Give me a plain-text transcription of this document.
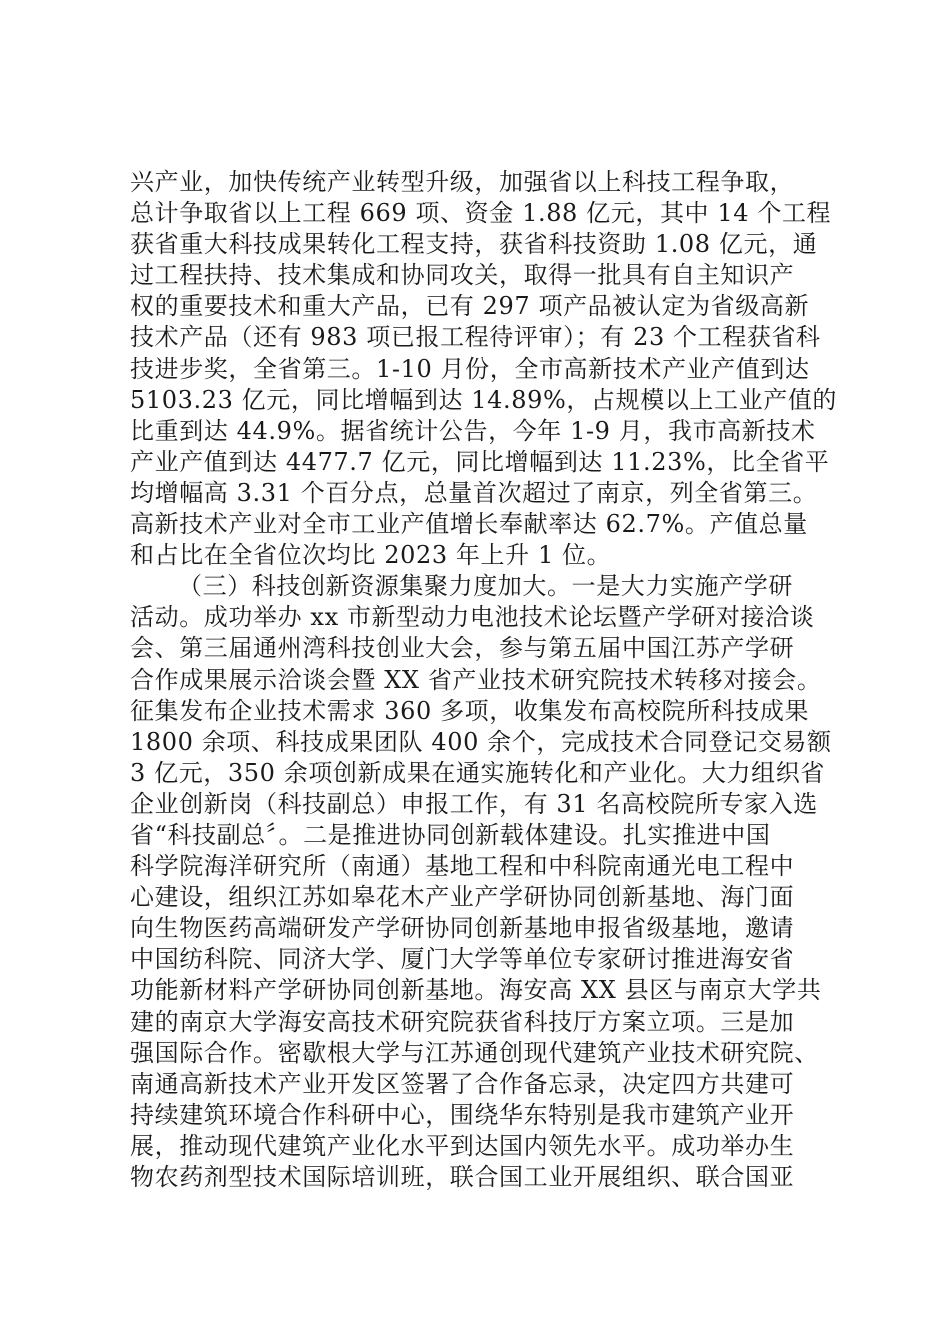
兴产业，加快传统产业转型升级，加强省以上科技工程争取，
总计争取省以上工程 669 项、资金 1.88 亿元，其中 14 个工程
获省重大科技成果转化工程支持，获省科技资助 1.08 亿元，通
过工程扶持、技术集成和协同攻关，取得一批具有自主知识产
权的重要技术和重大产品，已有 297 项产品被认定为省级高新
技术产品（还有 983 项已报工程待评审）；有 23 个工程获省科
技进步奖，全省第三。1-10 月份，全市高新技术产业产值到达
5103.23 亿元，同比增幅到达 14.89%，占规模以上工业产值的
比重到达 44.9%。据省统计公告，今年 1-9 月，我市高新技术
产业产值到达 4477.7 亿元，同比增幅到达 11.23%，比全省平
均增幅高 3.31 个百分点，总量首次超过了南京，列全省第三。
高新技术产业对全市工业产值增长奉献率达 62.7%。产值总量
和占比在全省位次均比 2023 年上升 1 位。
（三）科技创新资源集聚力度加大。一是大力实施产学研
活动。成功举办 xx 市新型动力电池技术论坛暨产学研对接洽谈
会、第三届通州湾科技创业大会，参与第五届中国江苏产学研
合作成果展示洽谈会暨 XX 省产业技术研究院技术转移对接会。
征集发布企业技术需求 360 多项，收集发布高校院所科技成果
1800 余项、科技成果团队 400 余个，完成技术合同登记交易额
3 亿元，350 余项创新成果在通实施转化和产业化。大力组织省
企业创新岗（科技副总）申报工作，有 31 名高校院所专家入选
省“科技副总〞。二是推进协同创新载体建设。扎实推进中国
科学院海洋研究所（南通）基地工程和中科院南通光电工程中
心建设，组织江苏如皋花木产业产学研协同创新基地、海门面
向生物医药高端研发产学研协同创新基地申报省级基地，邀请
中国纺科院、同济大学、厦门大学等单位专家研讨推进海安省
功能新材料产学研协同创新基地。海安高 XX 县区与南京大学共
建的南京大学海安高技术研究院获省科技厅方案立项。三是加
强国际合作。密歇根大学与江苏通创现代建筑产业技术研究院、
南通高新技术产业开发区签署了合作备忘录，决定四方共建可
持续建筑环境合作科研中心，围绕华东特别是我市建筑产业开
展，推动现代建筑产业化水平到达国内领先水平。成功举办生
物农药剂型技术国际培训班，联合国工业开展组织、联合国亚
